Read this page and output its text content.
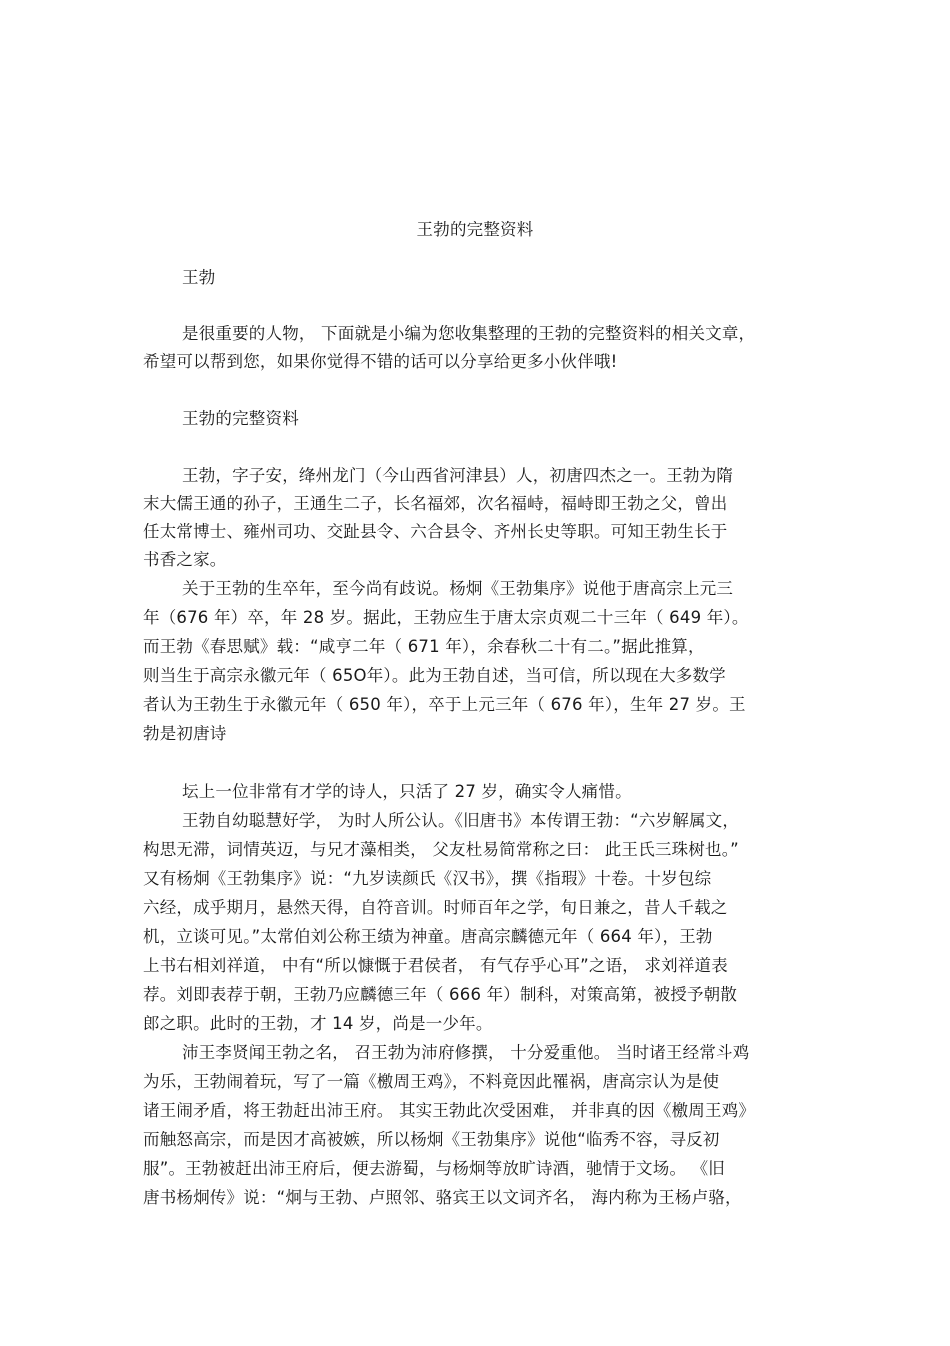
王勃的完整资料
王勃
是很重要的人物， 下面就是小编为您收集整理的王勃的完整资料的相关文章，
希望可以帮到您，如果你觉得不错的话可以分享给更多小伙伴哦!
王勃的完整资料
王勃，字子安，绛州龙门（今山西省河津县）人，初唐四杰之一。王勃为隋
末大儒王通的孙子，王通生二子，长名福郊，次名福峙，福峙即王勃之父，曾出
任太常博士、雍州司功、交趾县令、六合县令、齐州长史等职。可知王勃生长于
书香之家。
关于王勃的生卒年，至今尚有歧说。杨炯《王勃集序》说他于唐高宗上元三
年（676 年）卒，年 28 岁。据此，王勃应生于唐太宗贞观二十三年（ 649 年）。
而王勃《春思赋》载：“咸亨二年（ 671 年），余春秋二十有二。”据此推算，
则当生于高宗永徽元年（ 65O年）。此为王勃自述，当可信，所以现在大多数学
者认为王勃生于永徽元年（ 650 年），卒于上元三年（ 676 年），生年 27 岁。王
勃是初唐诗
坛上一位非常有才学的诗人，只活了 27 岁，确实令人痛惜。
王勃自幼聪慧好学， 为时人所公认。《旧唐书》本传谓王勃：“六岁解属文，
构思无滞，词情英迈，与兄才藻相类， 父友杜易简常称之曰： 此王氏三珠树也。”
又有杨炯《王勃集序》说：“九岁读颜氏《汉书》，撰《指瑕》十卷。十岁包综
六经，成乎期月，悬然天得，自符音训。时师百年之学，旬日兼之，昔人千载之
机，立谈可见。”太常伯刘公称王绩为神童。唐高宗麟德元年（ 664 年），王勃
上书右相刘祥道， 中有“所以慷慨于君侯者， 有气存乎心耳”之语， 求刘祥道表
荐。刘即表荐于朝，王勃乃应麟德三年（ 666 年）制科，对策高第，被授予朝散
郎之职。此时的王勃，才 14 岁，尚是一少年。
沛王李贤闻王勃之名， 召王勃为沛府修撰， 十分爱重他。 当时诸王经常斗鸡
为乐，王勃闹着玩，写了一篇《檄周王鸡》，不料竟因此罹祸，唐高宗认为是使
诸王闹矛盾，将王勃赶出沛王府。 其实王勃此次受困难， 并非真的因《檄周王鸡》
而触怒高宗，而是因才高被嫉，所以杨炯《王勃集序》说他“临秀不容，寻反初
服”。王勃被赶出沛王府后，便去游蜀，与杨炯等放旷诗酒，驰情于文场。 《旧
唐书杨炯传》说：“炯与王勃、卢照邻、骆宾王以文词齐名， 海内称为王杨卢骆，
